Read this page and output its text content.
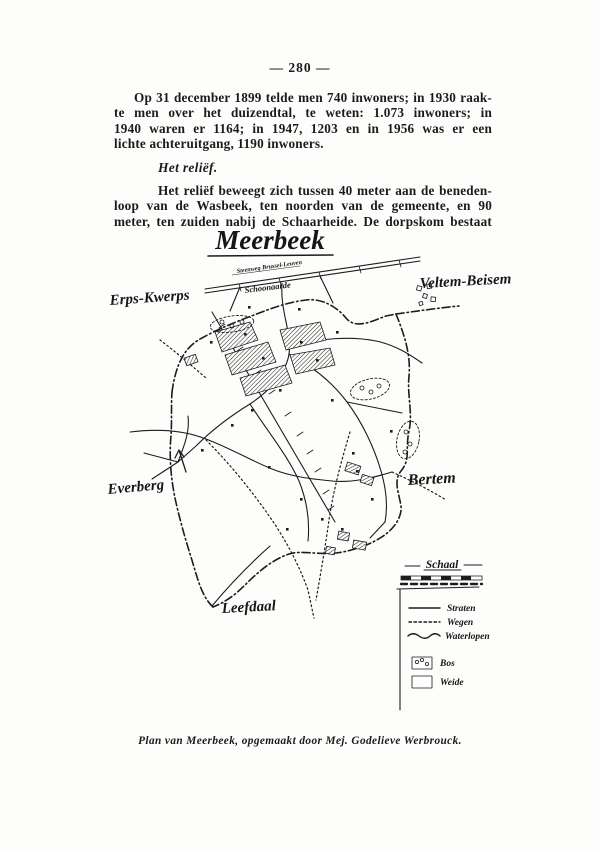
— 280 —
Op 31 december 1899 telde men 740 inwoners; in 1930 raak-
te men over het duizendtal, te weten: 1.073 inwoners; in
1940 waren er 1164; in 1947, 1203 en in 1956 was er een
lichte achteruitgang, 1190 inwoners.
Het reliëf.
Het reliëf beweegt zich tussen 40 meter aan de beneden-
loop van de Wasbeek, ten noorden van de gemeente, en 90
meter, ten zuiden nabij de Schaarheide. De dorpskom bestaat
Meerbeek
Steenweg Brussel-Leuven
Erps-Kwerps
Veltem-Beisem
Everberg	Bertem
Leefdaal
Schoonaarde
Schaal
Straten
Wegen
Waterlopen
Bos
Weide
Plan van Meerbeek, opgemaakt door Mej. Godelieve Werbrouck.
